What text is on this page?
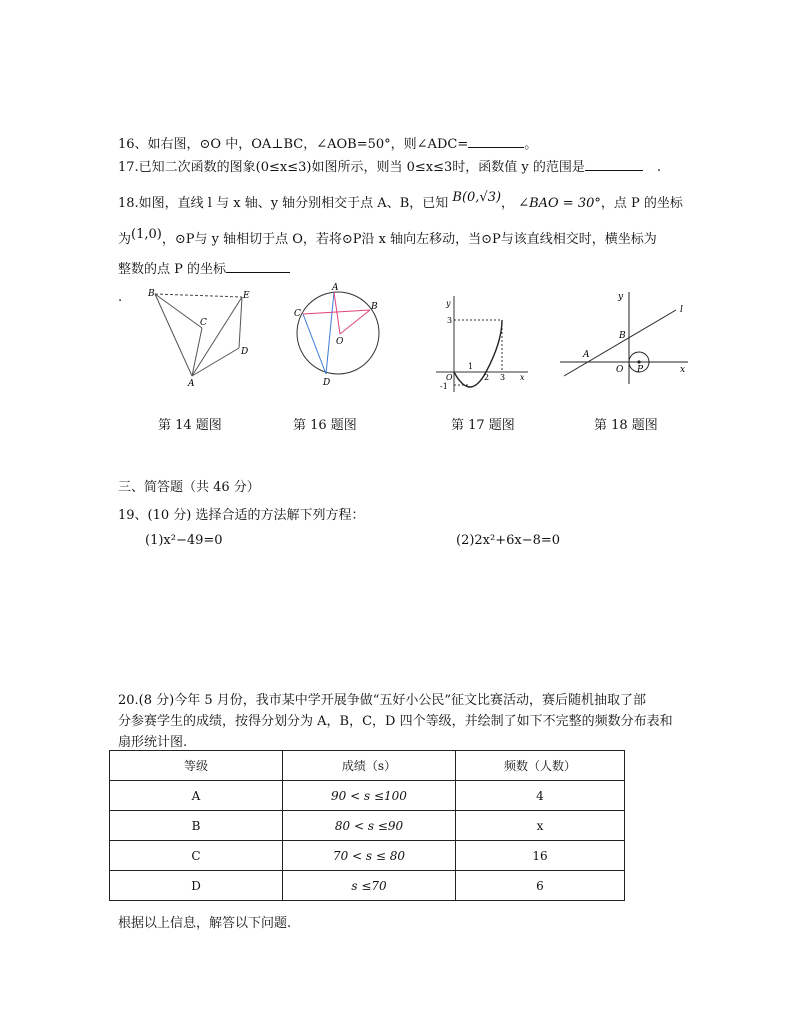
16、如右图，⊙O 中，OA⊥BC，∠AOB=50°，则∠ADC=	。
17.已知二次函数的图象(0≤x≤3)如图所示，则当 0≤x≤3时，函数值 y 的范围是	.
18.如图，直线 l 与 x 轴、y 轴分别相交于点 A、B，已知 B(0,√3)， ∠BAO = 30°，点 P 的坐标
为(1,0)，⊙P与 y 轴相切于点 O，若将⊙P沿 x 轴向左移动，当⊙P与该直线相交时，横坐标为
整数的点 P 的坐标
.	B	E
C
D
A
A
B
C
O
D
y
3
O
1
2 3 x
-1
y
l
B
A
O P	x
第 14 题图	第 16 题图	第 17 题图	第 18 题图
三、简答题（共 46 分）
19、(10 分) 选择合适的方法解下列方程：
(1)x²−49=0	(2)2x²+6x−8=0
20.(8 分)今年 5 月份，我市某中学开展争做“五好小公民”征文比赛活动，赛后随机抽取了部
分参赛学生的成绩，按得分划分为 A，B，C，D 四个等级，并绘制了如下不完整的频数分布表和
扇形统计图.
等级	成绩（s）	频数（人数）
A	90 < s ≤100	4
B	80 < s ≤90	x
C	70 < s ≤ 80	16
D	s ≤70	6
根据以上信息，解答以下问题.
